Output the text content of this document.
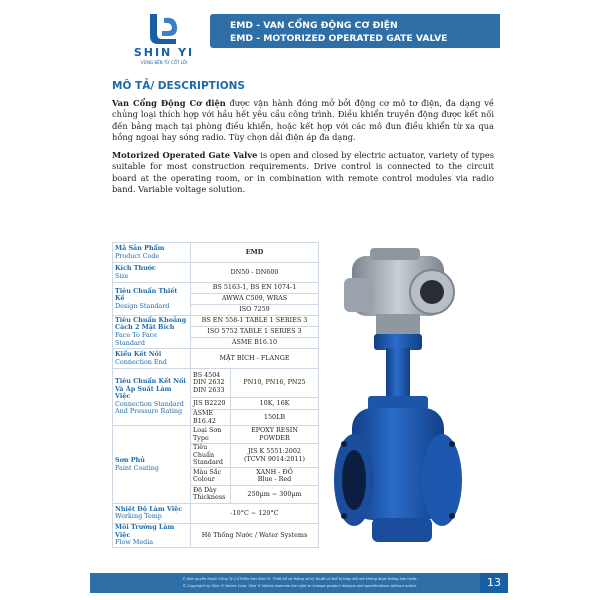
SHIN YI
VỮNG BỀN TỪ CỐT LÕI
EMD - VAN CỔNG ĐỘNG CƠ ĐIỆN
EMD - MOTORIZED OPERATED GATE VALVE
MÔ TẢ/ DESCRIPTIONS
Van Cổng Động Cơ điện được vận hành đóng mở bởi động cơ mô tơ điện, đa dạng về chủng loại thích hợp với hầu hết yêu cầu công trình. Điều khiển truyền động được kết nối đến bảng mạch tại phòng điều khiển, hoặc kết hợp với các mô đun điều khiển từ xa qua hồng ngoại hay sóng radio. Tùy chọn dải điện áp đa dạng.
Motorized Operated Gate Valve is open and closed by electric actuator, variety of types suitable for most construction requirements. Drive control is connected to the circuit board at the operating room, or in combination with remote control modules via radio band. Variable voltage solution.
Mã Sản Phẩm
Product Code	EMD	

Kích Thước
Size	DN50 - DN600	

Tiêu Chuẩn Thiết Kế
Design Standard	BS 5163-1, BS EN 1074-1	
	AWWA C509, WRAS	
	ISO 7259	

Tiêu Chuẩn Khoảng Cách 2 Mặt Bích
Face To Face Standard	BS EN 558-1 TABLE 1 SERIES 3	
	ISO 5752 TABLE 1 SERIES 3	
	ASME B16.10	

Kiểu Kết Nối
Connection End	MẶT BÍCH - FLANGE	

Tiêu Chuẩn Kết Nối Và Áp Suất Làm Việc
Connection Standard And Pressure Rating	BS 4504
DIN 2632
DIN 2633	PN10, PN16, PN25
	JIS B2220	10K, 16K
	ASME B16.42	150LB

Sơn Phủ
Paint Coating	Loại Sơn
Type	EPOXY RESIN
POWDER
	Tiêu Chuẩn
Standard	JIS K 5551:2002
(TCVN 9014:2011)
	Màu Sắc
Colour	XANH - ĐỎ
Blue - Red
	Độ Dày
Thickness	250µm ~ 300µm

Nhiệt Độ Làm Việc
Working Temp	-10°C ~ 120°C	

Môi Trường Làm Việc
Flow Media	Hệ Thống Nước / Water Systems	
© Bản quyền thuộc Công Ty Cổ Phần Van Shin Yi. Thiết kế và thông số kỹ thuật có thể bị thay đổi mà không được thông báo trước.
© Copyright by Shin Yi Valves Corp. Shin Yi Valves reserves the right to change product designs and specifications without notice.	13
